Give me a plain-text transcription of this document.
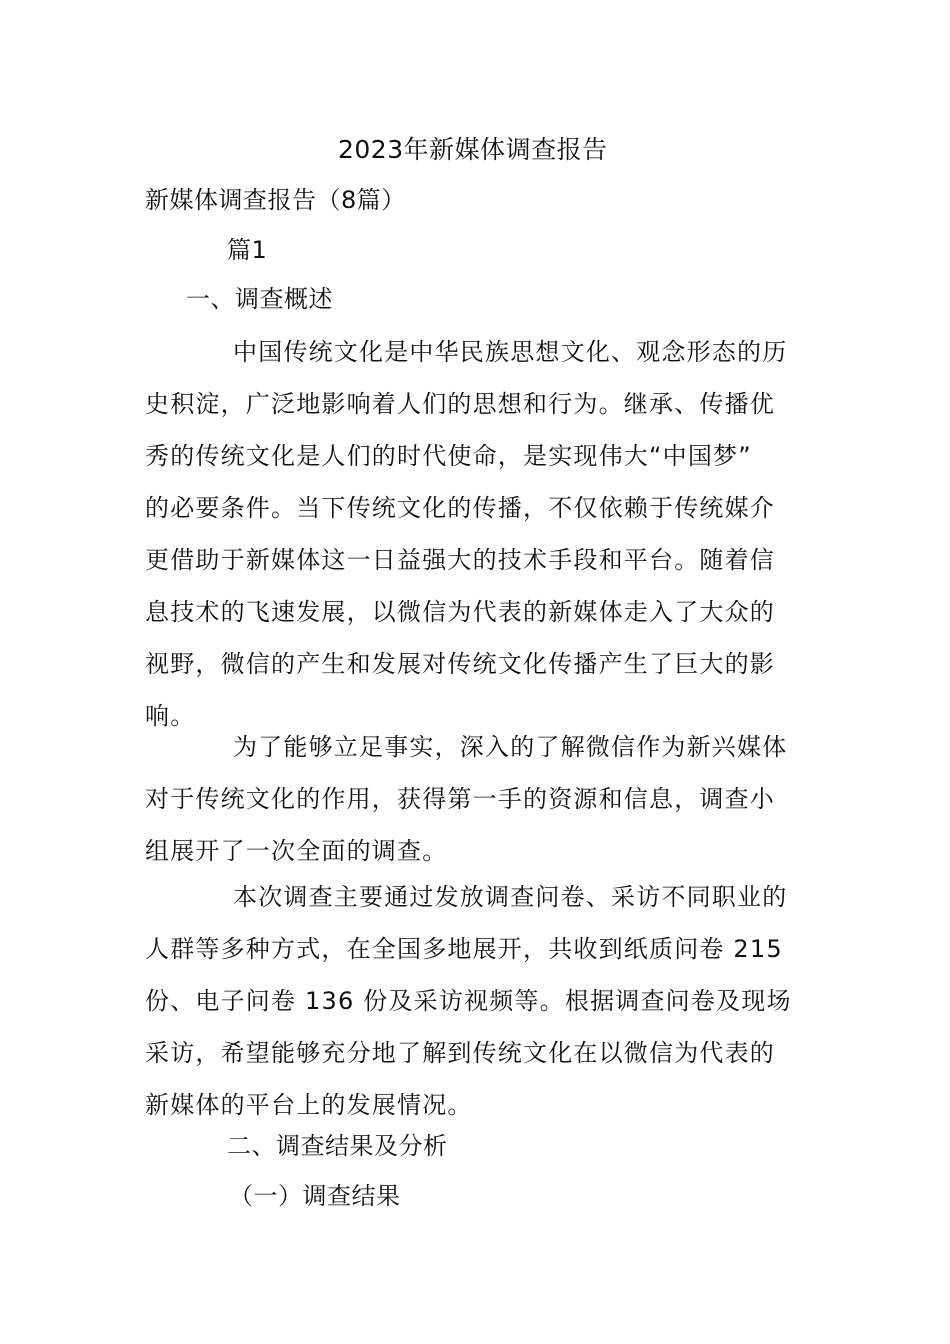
2023年新媒体调查报告
新媒体调查报告（8篇）
篇1
一、调查概述
中国传统文化是中华民族思想文化、观念形态的历
史积淀，广泛地影响着人们的思想和行为。继承、传播优
秀的传统文化是人们的时代使命，是实现伟大“中国梦”
的必要条件。当下传统文化的传播，不仅依赖于传统媒介
更借助于新媒体这一日益强大的技术手段和平台。随着信
息技术的飞速发展，以微信为代表的新媒体走入了大众的
视野，微信的产生和发展对传统文化传播产生了巨大的影
响。
为了能够立足事实，深入的了解微信作为新兴媒体
对于传统文化的作用，获得第一手的资源和信息，调查小
组展开了一次全面的调查。
本次调查主要通过发放调查问卷、采访不同职业的
人群等多种方式，在全国多地展开，共收到纸质问卷 215
份、电子问卷 136 份及采访视频等。根据调查问卷及现场
采访，希望能够充分地了解到传统文化在以微信为代表的
新媒体的平台上的发展情况。
二、调查结果及分析
（一）调查结果
